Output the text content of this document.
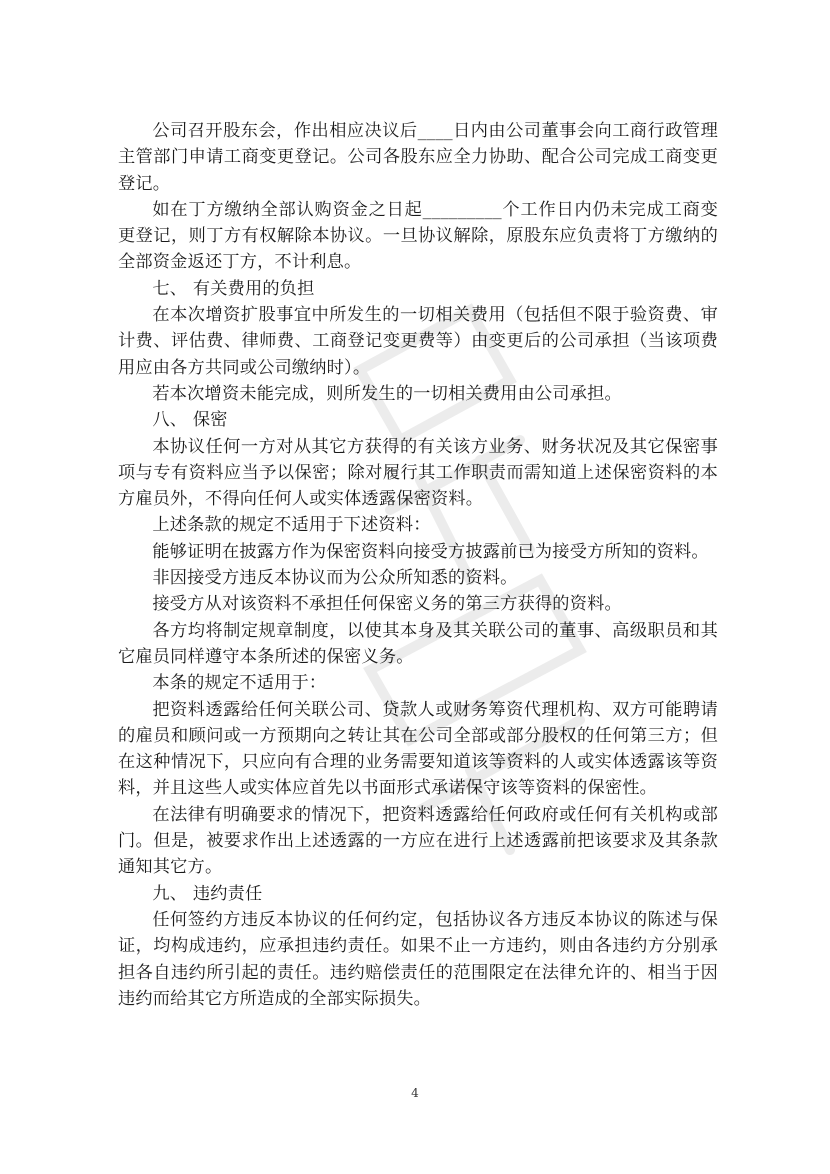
公司召开股东会，作出相应决议后____日内由公司董事会向工商行政管理主管部门申请工商变更登记。公司各股东应全力协助、配合公司完成工商变更登记。

如在丁方缴纳全部认购资金之日起_________个工作日内仍未完成工商变更登记，则丁方有权解除本协议。一旦协议解除，原股东应负责将丁方缴纳的全部资金返还丁方，不计利息。

七、 有关费用的负担

在本次增资扩股事宜中所发生的一切相关费用（包括但不限于验资费、审计费、评估费、律师费、工商登记变更费等）由变更后的公司承担（当该项费用应由各方共同或公司缴纳时）。

若本次增资未能完成，则所发生的一切相关费用由公司承担。

八、 保密

本协议任何一方对从其它方获得的有关该方业务、财务状况及其它保密事项与专有资料应当予以保密；除对履行其工作职责而需知道上述保密资料的本方雇员外，不得向任何人或实体透露保密资料。

上述条款的规定不适用于下述资料：

能够证明在披露方作为保密资料向接受方披露前已为接受方所知的资料。

非因接受方违反本协议而为公众所知悉的资料。

接受方从对该资料不承担任何保密义务的第三方获得的资料。

各方均将制定规章制度，以使其本身及其关联公司的董事、高级职员和其它雇员同样遵守本条所述的保密义务。

本条的规定不适用于：

把资料透露给任何关联公司、贷款人或财务筹资代理机构、双方可能聘请的雇员和顾问或一方预期向之转让其在公司全部或部分股权的任何第三方；但在这种情况下，只应向有合理的业务需要知道该等资料的人或实体透露该等资料，并且这些人或实体应首先以书面形式承诺保守该等资料的保密性。

在法律有明确要求的情况下，把资料透露给任何政府或任何有关机构或部门。但是，被要求作出上述透露的一方应在进行上述透露前把该要求及其条款通知其它方。

九、 违约责任

任何签约方违反本协议的任何约定，包括协议各方违反本协议的陈述与保证，均构成违约，应承担违约责任。如果不止一方违约，则由各违约方分别承担各自违约所引起的责任。违约赔偿责任的范围限定在法律允许的、相当于因违约而给其它方所造成的全部实际损失。

4
